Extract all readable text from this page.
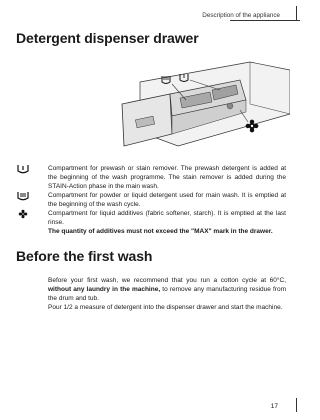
Description of the appliance
Detergent dispenser drawer

Compartment for prewash or stain remover. The prewash detergent is added at the beginning of the wash programme. The stain remover is added during the STAIN-Action phase in the main wash.

Compartment for powder or liquid detergent used for main wash. It is emptied at the beginning of the wash cycle.

Compartment for liquid additives (fabric softener, starch). It is emptied at the last rinse.

The quantity of additives must not exceed the "MAX" mark in the drawer.

Before the first wash

Before your first wash, we recommend that you run a cotton cycle at 60°C, without any laundry in the machine, to remove any manufacturing residue from the drum and tub.

Pour 1/2 a measure of detergent into the dispenser drawer and start the machine.

17
